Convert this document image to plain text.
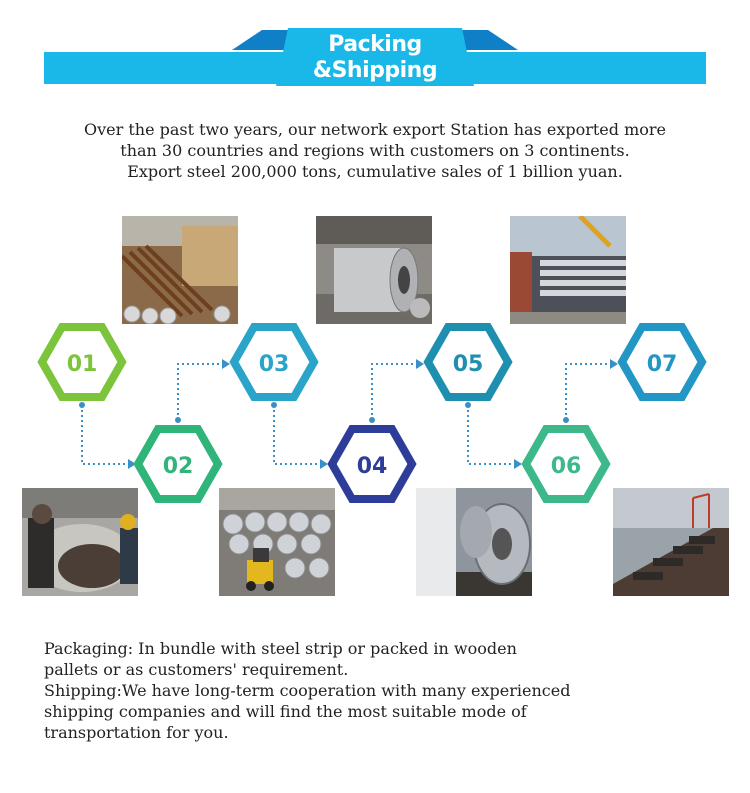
Packing
&Shipping
Over the past two years, our network export Station has exported more
than 30 countries and regions with customers on 3 continents.
Export steel 200,000 tons, cumulative sales of 1 billion yuan.
01
02
03
04
05
06
07
Packaging: In bundle with steel strip or packed in wooden
pallets or as customers' requirement.
Shipping:We have long-term cooperation with many experienced
shipping companies and will find the most suitable mode of
transportation for you.
